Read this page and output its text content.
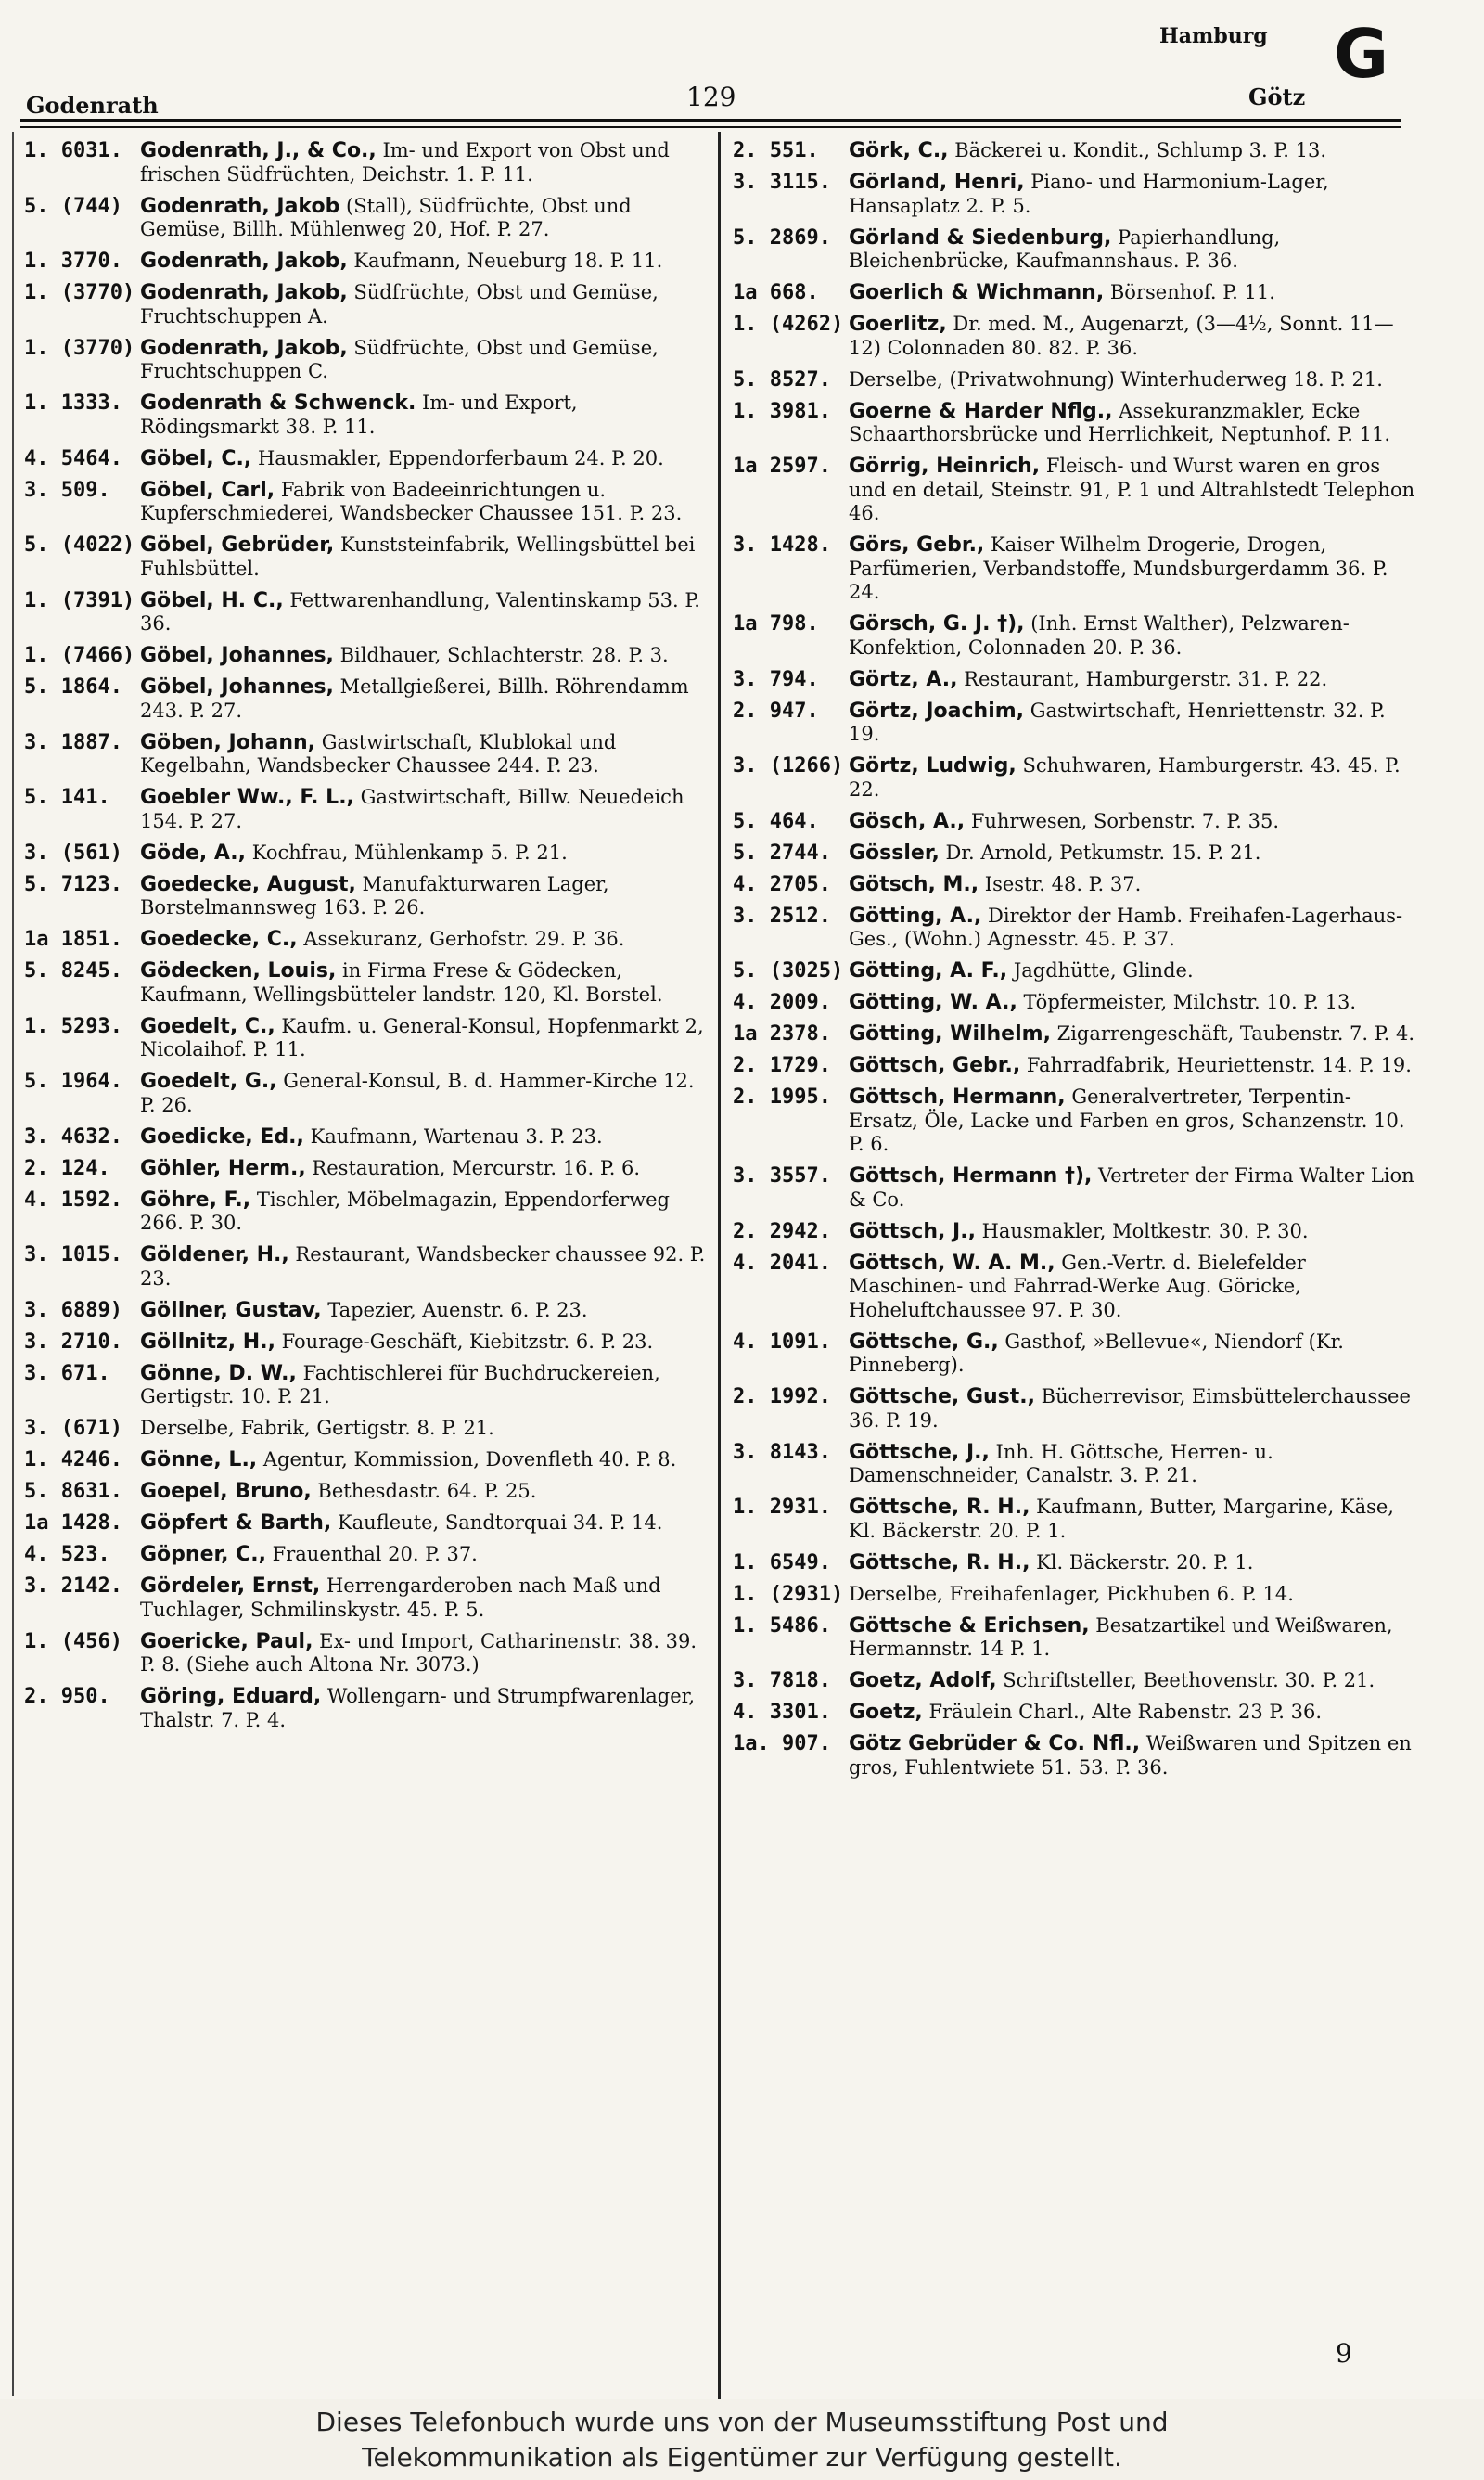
Godenrath	129
Hamburg
Götz
G
1. 6031. Godenrath, J., & Co., Im- und Export von Obst und frischen Südfrüchten, Deichstr. 1. P. 11.
5. (744) Godenrath, Jakob (Stall), Südfrüchte, Obst und Gemüse, Billh. Mühlenweg 20, Hof. P. 27.
1. 3770. Godenrath, Jakob, Kaufmann, Neueburg 18. P. 11.
1. (3770) Godenrath, Jakob, Südfrüchte, Obst und Gemüse, Fruchtschuppen A.
1. (3770) Godenrath, Jakob, Südfrüchte, Obst und Gemüse, Fruchtschuppen C.
1. 1333. Godenrath & Schwenck. Im- und Export, Rödingsmarkt 38. P. 11.
4. 5464. Göbel, C., Hausmakler, Eppendorferbaum 24. P. 20.
3. 509. Göbel, Carl, Fabrik von Badeeinrichtungen u. Kupferschmiederei, Wandsbecker Chaussee 151. P. 23.
5. (4022) Göbel, Gebrüder, Kunststeinfabrik, Wellingsbüttel bei Fuhlsbüttel.
1. (7391) Göbel, H. C., Fettwarenhandlung, Valentinskamp 53. P. 36.
1. (7466) Göbel, Johannes, Bildhauer, Schlachterstr. 28. P. 3.
5. 1864. Göbel, Johannes, Metallgießerei, Billh. Röhrendamm 243. P. 27.
3. 1887. Göben, Johann, Gastwirtschaft, Klublokal und Kegelbahn, Wandsbecker Chaussee 244. P. 23.
5. 141. Goebler Ww., F. L., Gastwirtschaft, Billw. Neuedeich 154. P. 27.
3. (561) Göde, A., Kochfrau, Mühlenkamp 5. P. 21.
5. 7123. Goedecke, August, Manufakturwaren Lager, Borstelmannsweg 163. P. 26.
1a 1851. Goedecke, C., Assekuranz, Gerhofstr. 29. P. 36.
5. 8245. Gödecken, Louis, in Firma Frese & Gödecken, Kaufmann, Wellingsbütteler landstr. 120, Kl. Borstel.
1. 5293. Goedelt, C., Kaufm. u. General-Konsul, Hopfenmarkt 2, Nicolaihof. P. 11.
5. 1964. Goedelt, G., General-Konsul, B. d. Hammer-Kirche 12. P. 26.
3. 4632. Goedicke, Ed., Kaufmann, Wartenau 3. P. 23.
2. 124. Göhler, Herm., Restauration, Mercurstr. 16. P. 6.
4. 1592. Göhre, F., Tischler, Möbelmagazin, Eppendorferweg 266. P. 30.
3. 1015. Göldener, H., Restaurant, Wandsbecker chaussee 92. P. 23.
3. 6889) Göllner, Gustav, Tapezier, Auenstr. 6. P. 23.
3. 2710. Göllnitz, H., Fourage-Geschäft, Kiebitzstr. 6. P. 23.
3. 671. Gönne, D. W., Fachtischlerei für Buchdruckereien, Gertigstr. 10. P. 21.
3. (671) Derselbe, Fabrik, Gertigstr. 8. P. 21.
1. 4246. Gönne, L., Agentur, Kommission, Dovenfleth 40. P. 8.
5. 8631. Goepel, Bruno, Bethesdastr. 64. P. 25.
1a 1428. Göpfert & Barth, Kaufleute, Sandtorquai 34. P. 14.
4. 523. Göpner, C., Frauenthal 20. P. 37.
3. 2142. Gördeler, Ernst, Herrengarderoben nach Maß und Tuchlager, Schmilinskystr. 45. P. 5.
1. (456) Goericke, Paul, Ex- und Import, Catharinenstr. 38. 39. P. 8. (Siehe auch Altona Nr. 3073.)
2. 950. Göring, Eduard, Wollengarn- und Strumpfwarenlager, Thalstr. 7. P. 4.
2. 551. Görk, C., Bäckerei u. Kondit., Schlump 3. P. 13.
3. 3115. Görland, Henri, Piano- und Harmonium-Lager, Hansaplatz 2. P. 5.
5. 2869. Görland & Siedenburg, Papierhandlung, Bleichenbrücke, Kaufmannshaus. P. 36.
1a 668. Goerlich & Wichmann, Börsenhof. P. 11.
1. (4262) Goerlitz, Dr. med. M., Augenarzt, (3—4½, Sonnt. 11—12) Colonnaden 80. 82. P. 36.
5. 8527. Derselbe, (Privatwohnung) Winterhuderweg 18. P. 21.
1. 3981. Goerne & Harder Nflg., Assekuranzmakler, Ecke Schaarthorsbrücke und Herrlichkeit, Neptunhof. P. 11.
1a 2597. Görrig, Heinrich, Fleisch- und Wurst waren en gros und en detail, Steinstr. 91, P. 1 und Altrahlstedt Telephon 46.
3. 1428. Görs, Gebr., Kaiser Wilhelm Drogerie, Drogen, Parfümerien, Verbandstoffe, Mundsburgerdamm 36. P. 24.
1a 798. Görsch, G. J. †), (Inh. Ernst Walther), Pelzwaren- Konfektion, Colonnaden 20. P. 36.
3. 794. Görtz, A., Restaurant, Hamburgerstr. 31. P. 22.
2. 947. Görtz, Joachim, Gastwirtschaft, Henriettenstr. 32. P. 19.
3. (1266) Görtz, Ludwig, Schuhwaren, Hamburgerstr. 43. 45. P. 22.
5. 464. Gösch, A., Fuhrwesen, Sorbenstr. 7. P. 35.
5. 2744. Gössler, Dr. Arnold, Petkumstr. 15. P. 21.
4. 2705. Götsch, M., Isestr. 48. P. 37.
3. 2512. Götting, A., Direktor der Hamb. Freihafen-Lagerhaus-Ges., (Wohn.) Agnesstr. 45. P. 37.
5. (3025) Götting, A. F., Jagdhütte, Glinde.
4. 2009. Götting, W. A., Töpfermeister, Milchstr. 10. P. 13.
1a 2378. Götting, Wilhelm, Zigarrengeschäft, Taubenstr. 7. P. 4.
2. 1729. Göttsch, Gebr., Fahrradfabrik, Heuriettenstr. 14. P. 19.
2. 1995. Göttsch, Hermann, Generalvertreter, Terpentin-Ersatz, Öle, Lacke und Farben en gros, Schanzenstr. 10. P. 6.
3. 3557. Göttsch, Hermann †), Vertreter der Firma Walter Lion & Co.
2. 2942. Göttsch, J., Hausmakler, Moltkestr. 30. P. 30.
4. 2041. Göttsch, W. A. M., Gen.-Vertr. d. Bielefelder Maschinen- und Fahrrad-Werke Aug. Göricke, Hoheluftchaussee 97. P. 30.
4. 1091. Göttsche, G., Gasthof, »Bellevue«, Niendorf (Kr. Pinneberg).
2. 1992. Göttsche, Gust., Bücherrevisor, Eimsbüttelerchaussee 36. P. 19.
3. 8143. Göttsche, J., Inh. H. Göttsche, Herren- u. Damenschneider, Canalstr. 3. P. 21.
1. 2931. Göttsche, R. H., Kaufmann, Butter, Margarine, Käse, Kl. Bäckerstr. 20. P. 1.
1. 6549. Göttsche, R. H., Kl. Bäckerstr. 20. P. 1.
1. (2931) Derselbe, Freihafenlager, Pickhuben 6. P. 14.
1. 5486. Göttsche & Erichsen, Besatzartikel und Weißwaren, Hermannstr. 14 P. 1.
3. 7818. Goetz, Adolf, Schriftsteller, Beethovenstr. 30. P. 21.
4. 3301. Goetz, Fräulein Charl., Alte Rabenstr. 23 P. 36.
1a. 907. Götz Gebrüder & Co. Nfl., Weißwaren und Spitzen en gros, Fuhlentwiete 51. 53. P. 36.
9
Dieses Telefonbuch wurde uns von der Museumsstiftung Post und
Telekommunikation als Eigentümer zur Verfügung gestellt.
